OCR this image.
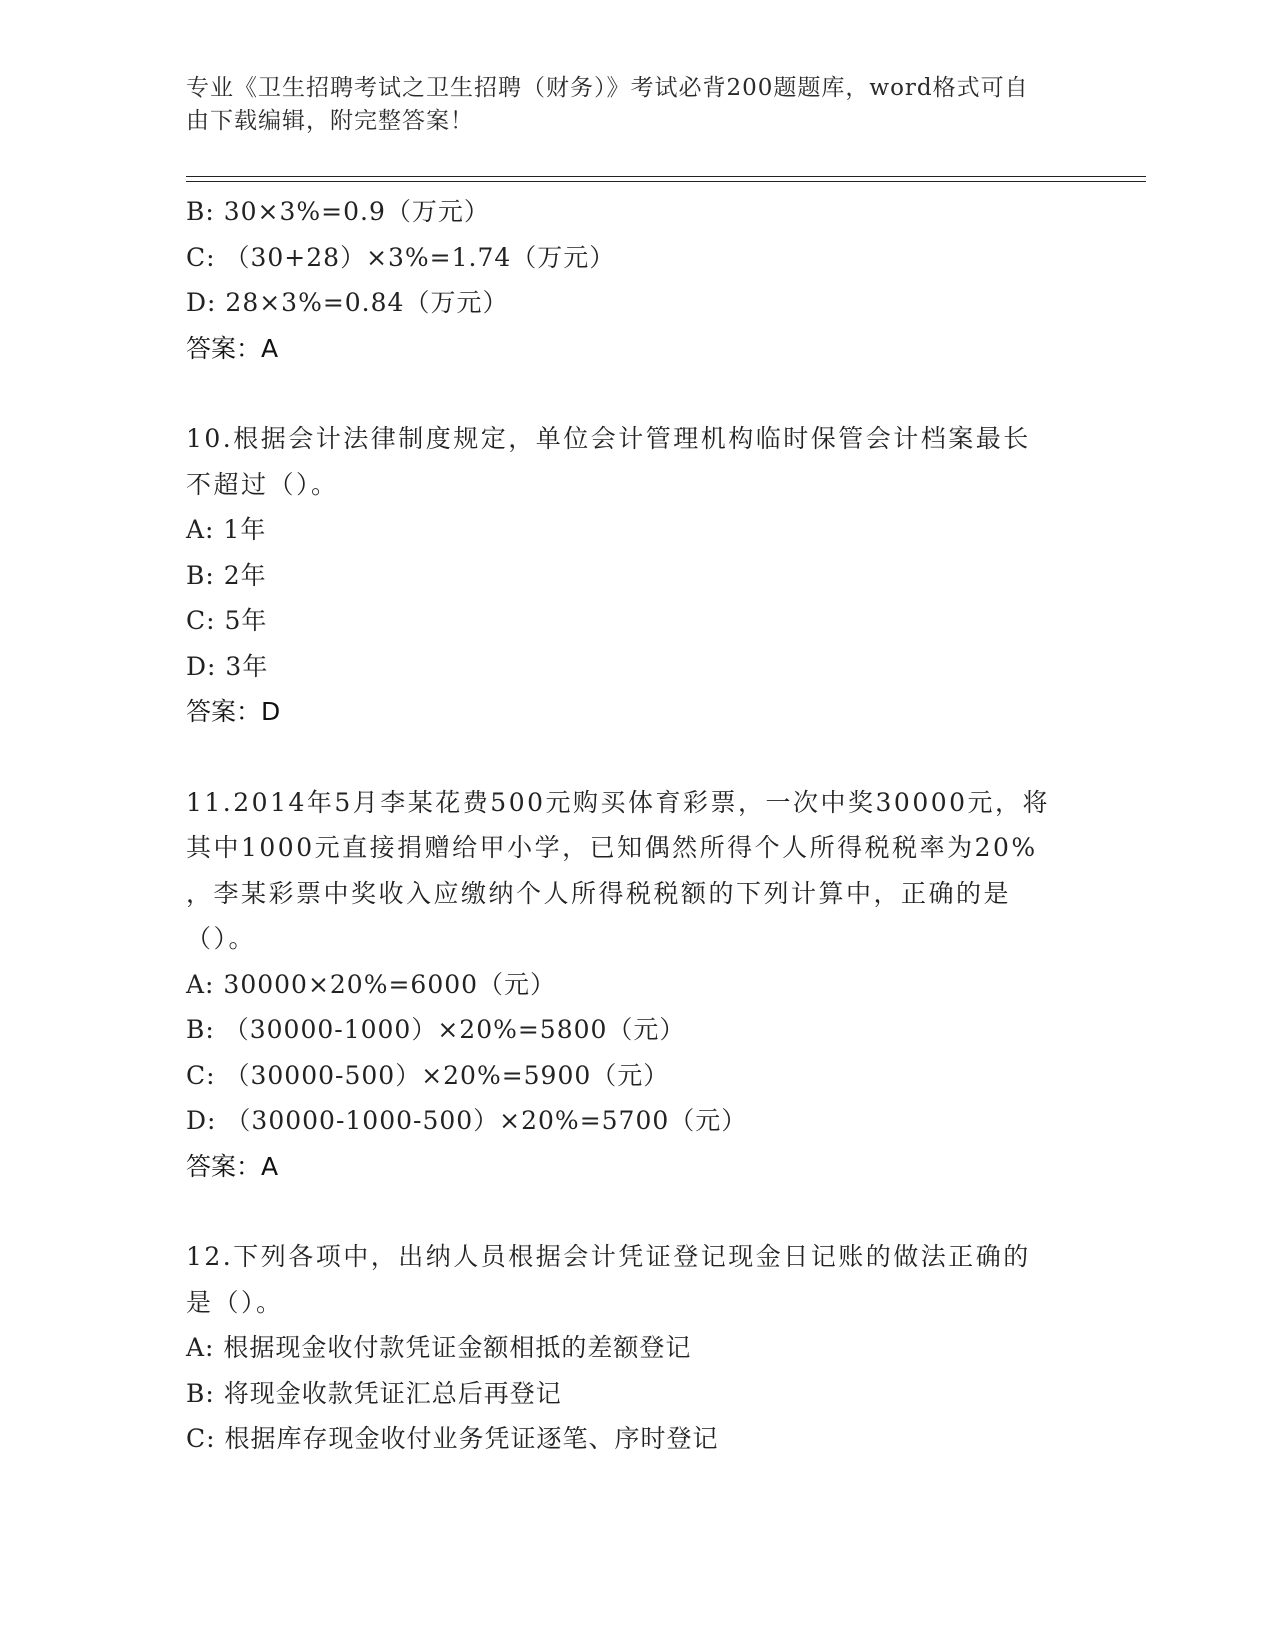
专业《卫生招聘考试之卫生招聘（财务）》考试必背200题题库，word格式可自
由下载编辑，附完整答案！
B: 30×3%=0.9（万元）
C: （30+28）×3%=1.74（万元）
D: 28×3%=0.84（万元）
答案：A
10.根据会计法律制度规定，单位会计管理机构临时保管会计档案最长
不超过（）。
A: 1年
B: 2年
C: 5年
D: 3年
答案：D
11.2014年5月李某花费500元购买体育彩票，一次中奖30000元，将
其中1000元直接捐赠给甲小学，已知偶然所得个人所得税税率为20%
，李某彩票中奖收入应缴纳个人所得税税额的下列计算中，正确的是
（）。
A: 30000×20%=6000（元）
B: （30000-1000）×20%=5800（元）
C: （30000-500）×20%=5900（元）
D: （30000-1000-500）×20%=5700（元）
答案：A
12.下列各项中，出纳人员根据会计凭证登记现金日记账的做法正确的
是（）。
A: 根据现金收付款凭证金额相抵的差额登记
B: 将现金收款凭证汇总后再登记
C: 根据库存现金收付业务凭证逐笔、序时登记
